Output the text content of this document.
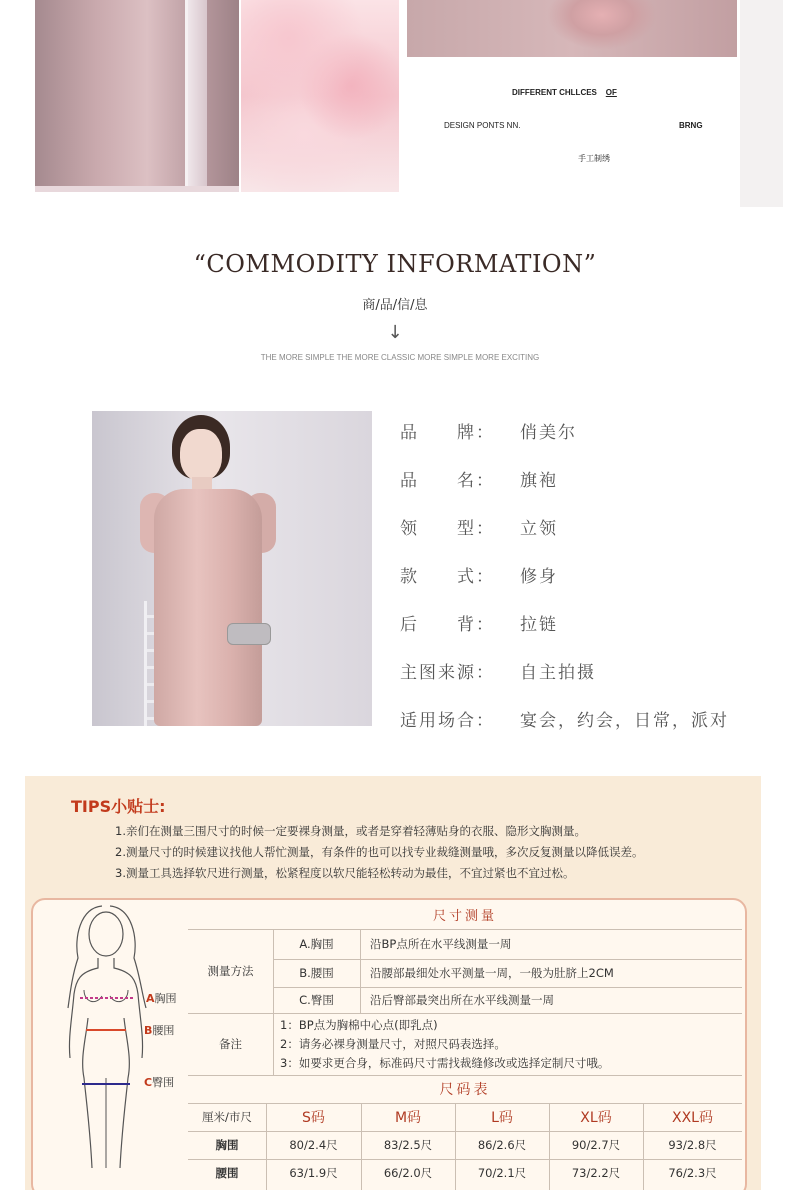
DIFFERENT CHLLCES OF
DESIGN PONTS NN.	BRNG
手工制绣
“COMMODITY INFORMATION”
商/品/信/息
↓
THE MORE SIMPLE THE MORE CLASSIC MORE SIMPLE MORE EXCITING
品　　牌： 俏美尔
品　　名： 旗袍
领　　型： 立领
款　　式： 修身
后　　背： 拉链
主图来源： 自主拍摄
适用场合： 宴会，约会，日常，派对
TIPS小贴士:
1.亲们在测量三围尺寸的时候一定要裸身测量，或者是穿着轻薄贴身的衣服、隐形文胸测量。
2.测量尺寸的时候建议找他人帮忙测量，有条件的也可以找专业裁缝测量哦，多次反复测量以降低误差。
3.测量工具选择软尺进行测量，松紧程度以软尺能轻松转动为最佳，不宜过紧也不宜过松。
A胸围
B腰围
C臀围
尺寸测量
测量方法
A.胸围	沿BP点所在水平线测量一周
B.腰围	沿腰部最细处水平测量一周，一般为肚脐上2CM
C.臀围	沿后臀部最突出所在水平线测量一周
备注
1：BP点为胸棉中心点(即乳点)
2：请务必裸身测量尺寸，对照尺码表选择。
3：如要求更合身，标准码尺寸需找裁缝修改或选择定制尺寸哦。
尺码表
厘米/市尺	S码	M码	L码	XL码	XXL码
胸围	80/2.4尺	83/2.5尺	86/2.6尺	90/2.7尺	93/2.8尺
腰围	63/1.9尺	66/2.0尺	70/2.1尺	73/2.2尺	76/2.3尺
